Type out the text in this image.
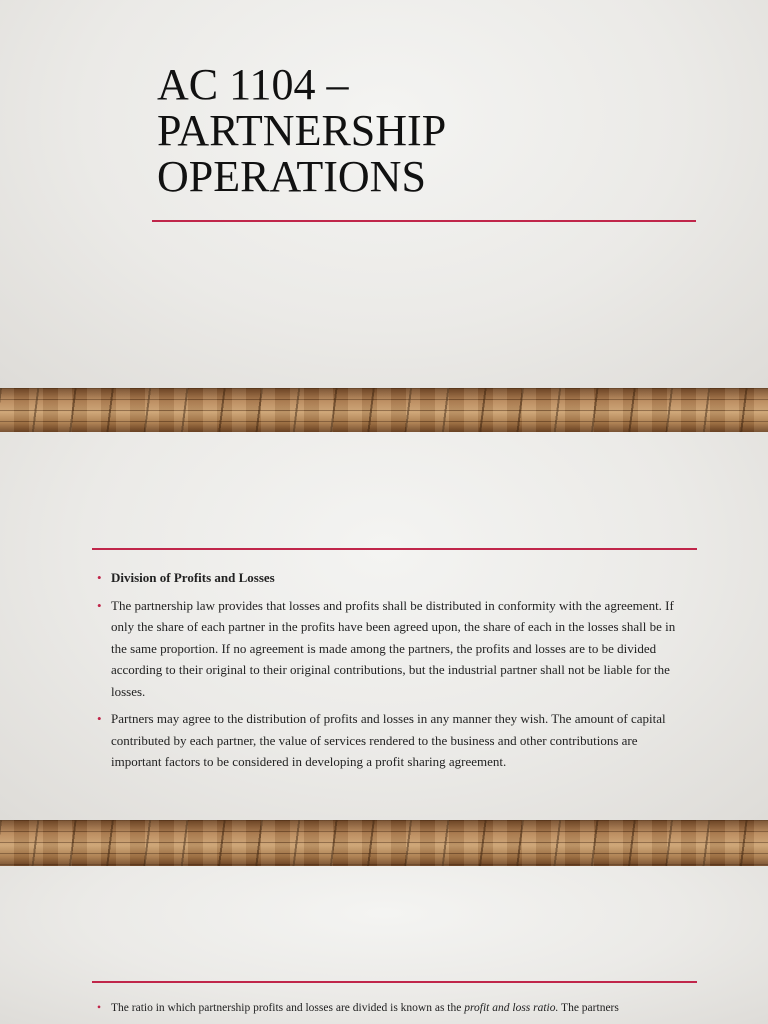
AC 1104 –
PARTNERSHIP
OPERATIONS
• Division of Profits and Losses
• The partnership law provides that losses and profits shall be distributed in conformity with the agreement. If only the share of each partner in the profits have been agreed upon, the share of each in the losses shall be in the same proportion. If no agreement is made among the partners, the profits and losses are to be divided according to their original to their original contributions, but the industrial partner shall not be liable for the losses.
• Partners may agree to the distribution of profits and losses in any manner they wish. The amount of capital contributed by each partner, the value of services rendered to the business and other contributions are important factors to be considered in developing a profit sharing agreement.
• The ratio in which partnership profits and losses are divided is known as the profit and loss ratio. The partners
